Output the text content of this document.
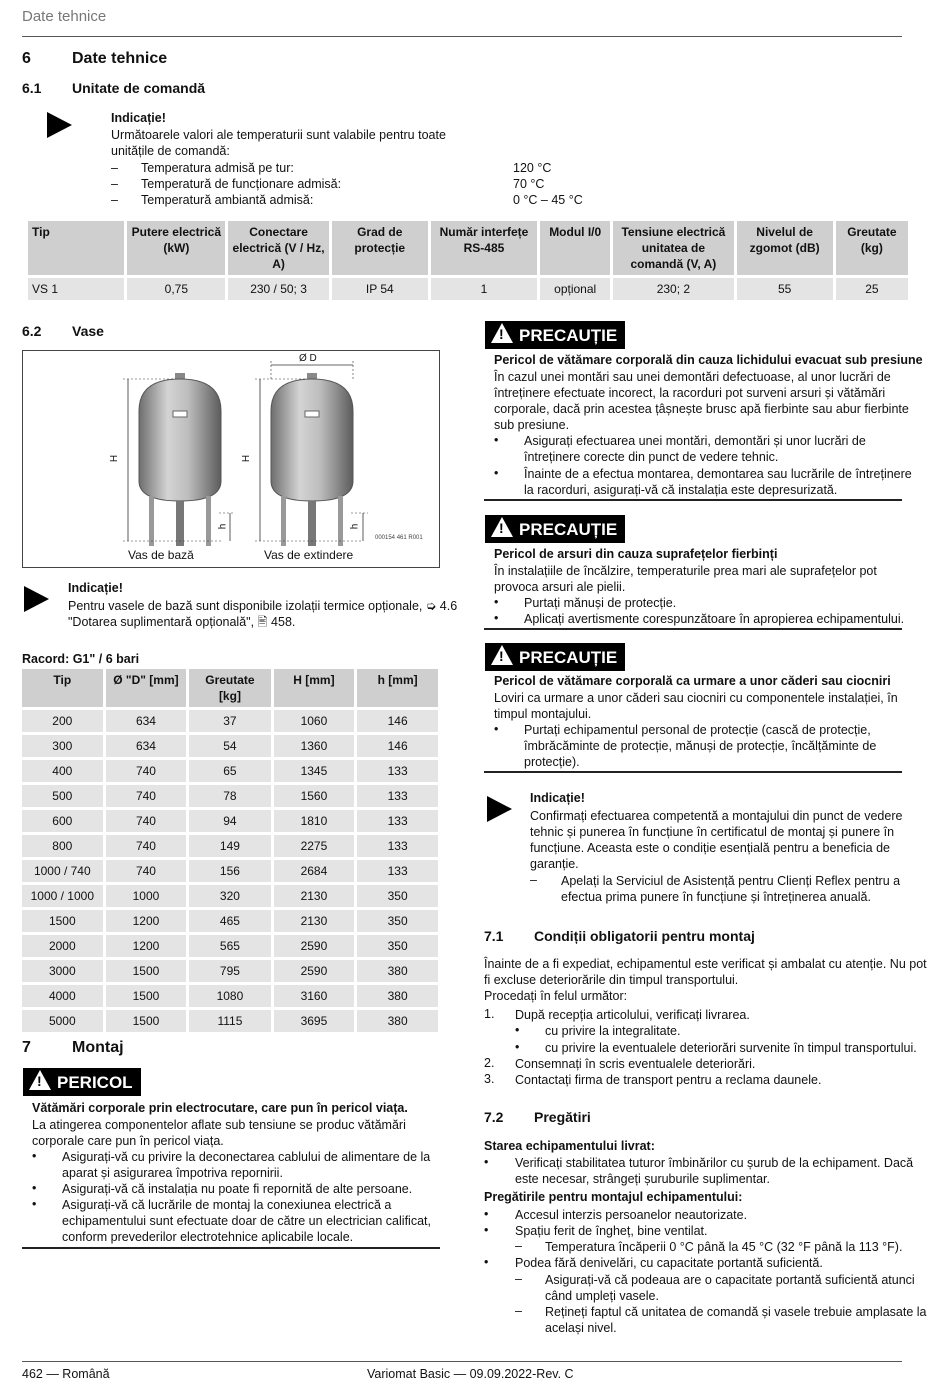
Date tehnice
6	Date tehnice
6.1 Unitate de comandă
Indicație!
Următoarele valori ale temperaturii sunt valabile pentru toate unitățile de comandă:
– Temperatura admisă pe tur:	120 °C
– Temperatură de funcționare admisă:	70 °C
– Temperatură ambiantă admisă:	0 °C – 45 °C
Tip	Putere electrică (kW)	Conectare electrică (V / Hz, A)	Grad de protecție	Număr interfețe RS-485	Modul I/0	Tensiune electrică unitatea de comandă (V, A)	Nivelul de zgomot (dB)	Greutate (kg)
VS 1	0,75	230 / 50; 3	IP 54	1	opțional	230; 2	55	25
6.2 Vase
Ø D
H	H
h	h
Vas de bază	Vas de extindere
000154 461 R001
Indicație!
Pentru vasele de bază sunt disponibile izolații termice opționale, ➭ 4.6
"Dotarea suplimentară opțională", 🖹 458.
Racord: G1" / 6 bari
Tip	Ø "D" [mm]	Greutate [kg]	H [mm]	h [mm]
200	634	37	1060	146
300	634	54	1360	146
400	740	65	1345	133
500	740	78	1560	133
600	740	94	1810	133
800	740	149	2275	133
1000 / 740	740	156	2684	133
1000 / 1000	1000	320	2130	350
1500	1200	465	2130	350
2000	1200	565	2590	350
3000	1500	795	2590	380
4000	1500	1080	3160	380
5000	1500	1115	3695	380
7	Montaj
! PERICOL
Vătămări corporale prin electrocutare, care pun în pericol viața.
La atingerea componentelor aflate sub tensiune se produc vătămări
corporale care pun în pericol viața.
• Asigurați-vă cu privire la deconectarea cablului de alimentare de la
aparat și asigurarea împotriva repornirii.
• Asigurați-vă că instalația nu poate fi repornită de alte persoane.
• Asigurați-vă că lucrările de montaj la conexiunea electrică a
echipamentului sunt efectuate doar de către un electrician calificat,
conform prevederilor electrotehnice aplicabile locale.
! PRECAUȚIE
Pericol de vătămare corporală din cauza lichidului evacuat sub presiune
În cazul unei montări sau unei demontări defectuoase, al unor lucrări de
întreținere efectuate incorect, la racorduri pot surveni arsuri și vătămări
corporale, dacă prin acestea țâșnește brusc apă fierbinte sau abur fierbinte
sub presiune.
• Asigurați efectuarea unei montări, demontări și unor lucrări de
întreținere corecte din punct de vedere tehnic.
• Înainte de a efectua montarea, demontarea sau lucrările de întreținere
la racorduri, asigurați-vă că instalația este depresurizată.
! PRECAUȚIE
Pericol de arsuri din cauza suprafețelor fierbinți
În instalațiile de încălzire, temperaturile prea mari ale suprafețelor pot
provoca arsuri ale pielii.
• Purtați mănuși de protecție.
• Aplicați avertismente corespunzătoare în apropierea echipamentului.
! PRECAUȚIE
Pericol de vătămare corporală ca urmare a unor căderi sau ciocniri
Loviri ca urmare a unor căderi sau ciocniri cu componentele instalației, în
timpul montajului.
• Purtați echipamentul personal de protecție (cască de protecție,
îmbrăcăminte de protecție, mănuși de protecție, încălțăminte de
protecție).
Indicație!
Confirmați efectuarea competentă a montajului din punct de vedere
tehnic și punerea în funcțiune în certificatul de montaj și punere în
funcțiune. Aceasta este o condiție esențială pentru a beneficia de
garanție.
– Apelați la Serviciul de Asistență pentru Clienți Reflex pentru a
efectua prima punere în funcțiune și întreținerea anuală.
7.1 Condiții obligatorii pentru montaj
Înainte de a fi expediat, echipamentul este verificat și ambalat cu atenție. Nu pot
fi excluse deteriorările din timpul transportului.
Procedați în felul următor:
1. După recepția articolului, verificați livrarea.
• cu privire la integralitate.
• cu privire la eventualele deteriorări survenite în timpul transportului.
2. Consemnați în scris eventualele deteriorări.
3. Contactați firma de transport pentru a reclama daunele.
7.2 Pregătiri
Starea echipamentului livrat:
• Verificați stabilitatea tuturor îmbinărilor cu șurub de la echipament. Dacă
este necesar, strângeți șuruburile suplimentar.
Pregătirile pentru montajul echipamentului:
• Accesul interzis persoanelor neautorizate.
• Spațiu ferit de îngheț, bine ventilat.
– Temperatura încăperii 0 °C până la 45 °C (32 °F până la 113 °F).
• Podea fără denivelări, cu capacitate portantă suficientă.
– Asigurați-vă că podeaua are o capacitate portantă suficientă atunci
când umpleți vasele.
– Rețineți faptul că unitatea de comandă și vasele trebuie amplasate la
același nivel.
462 — Română	Variomat Basic — 09.09.2022-Rev. C
